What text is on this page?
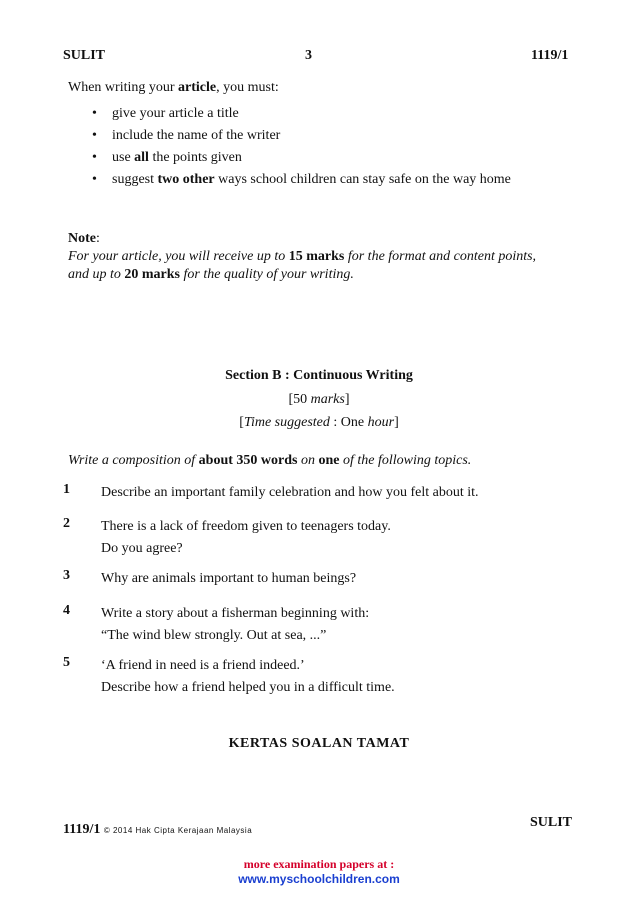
SULIT	3	1119/1
When writing your article, you must:
• give your article a title
• include the name of the writer
• use all the points given
• suggest two other ways school children can stay safe on the way home
Note:
For your article, you will receive up to 15 marks for the format and content points,
and up to 20 marks for the quality of your writing.
Section B : Continuous Writing
[50 marks]
[Time suggested : One hour]
Write a composition of about 350 words on one of the following topics.
1	Describe an important family celebration and how you felt about it.
2	There is a lack of freedom given to teenagers today.
Do you agree?
3	Why are animals important to human beings?
4	Write a story about a fisherman beginning with:
“The wind blew strongly. Out at sea, ...”
5	‘A friend in need is a friend indeed.’
Describe how a friend helped you in a difficult time.
KERTAS SOALAN TAMAT
1119/1 © 2014 Hak Cipta Kerajaan Malaysia
SULIT
more examination papers at :
www.myschoolchildren.com
